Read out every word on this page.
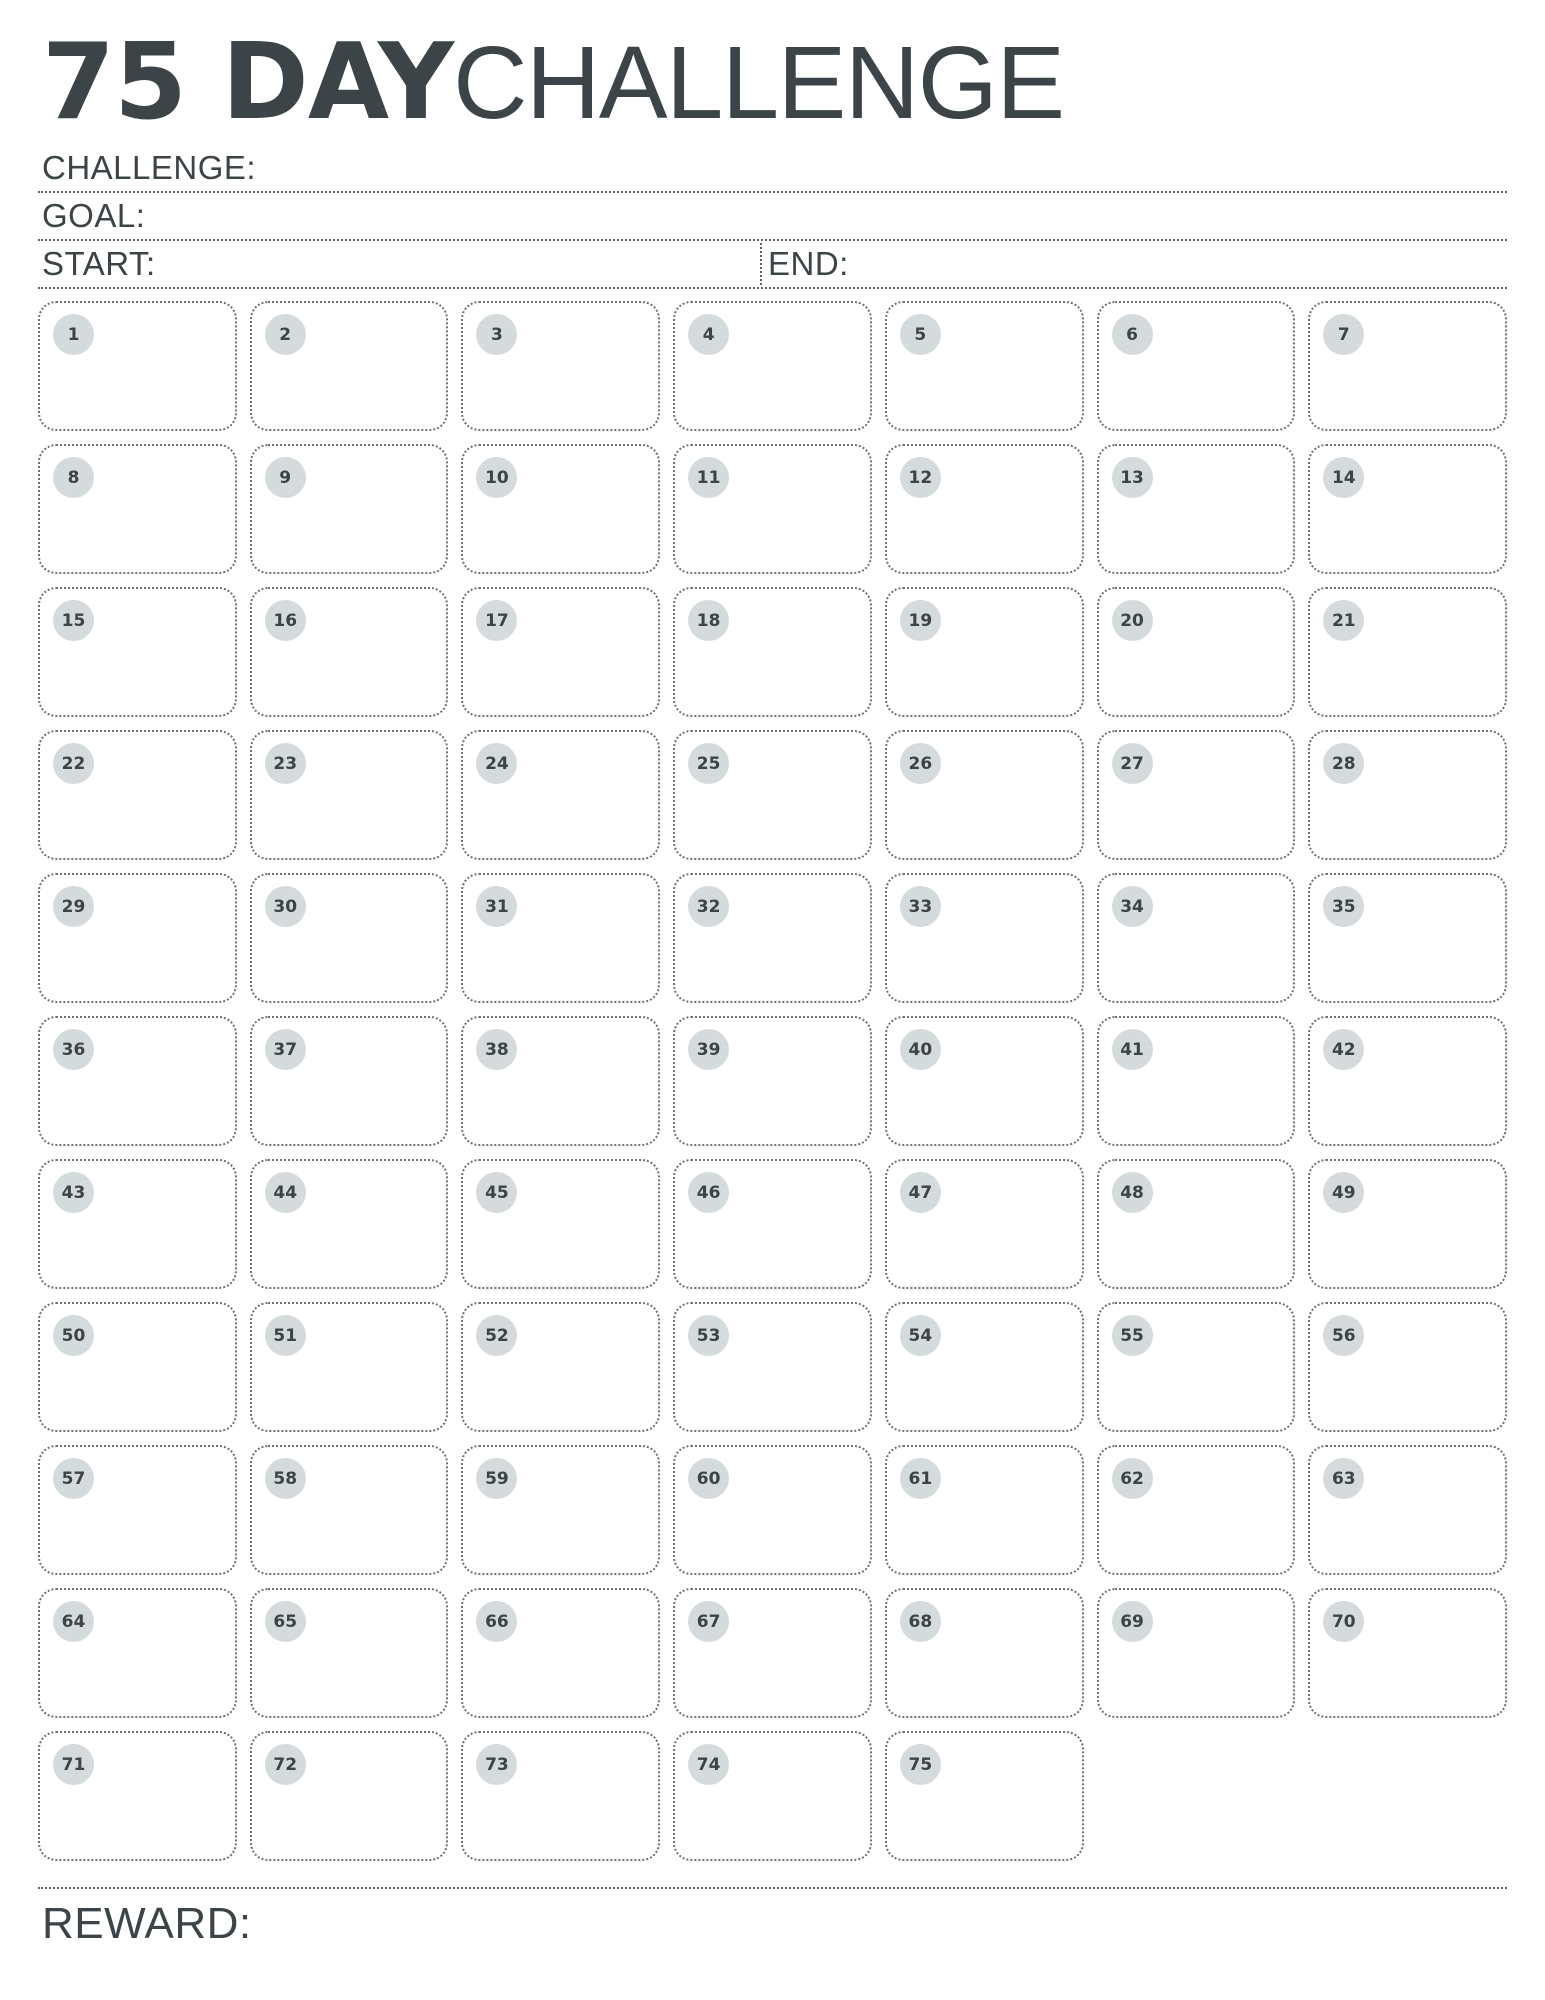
75 DAY CHALLENGE
CHALLENGE:
GOAL:
START:	END:
1	2	3	4	5	6	7
8	9	10	11	12	13	14
15	16	17	18	19	20	21
22	23	24	25	26	27	28
29	30	31	32	33	34	35
36	37	38	39	40	41	42
43	44	45	46	47	48	49
50	51	52	53	54	55	56
57	58	59	60	61	62	63
64	65	66	67	68	69	70
71	72	73	74	75
REWARD:
